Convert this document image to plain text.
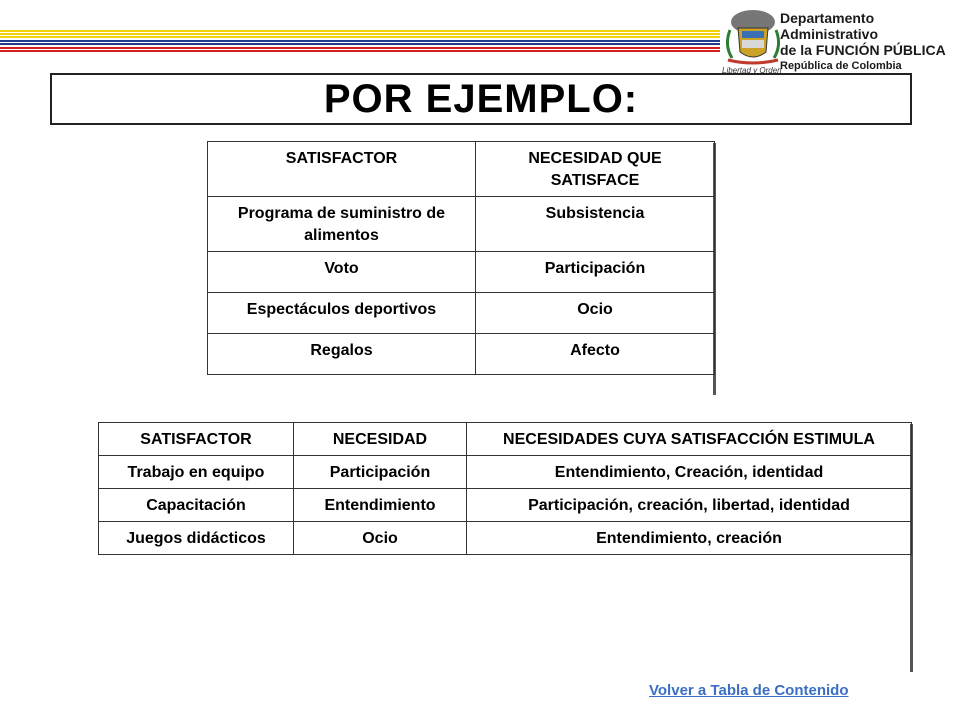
Departamento Administrativo
de la FUNCIÓN PÚBLICA
República de Colombia
Libertad y Orden
POR EJEMPLO:
SATISFACTOR	NECESIDAD QUE SATISFACE
Programa de suministro de alimentos	Subsistencia
Voto	Participación
Espectáculos deportivos	Ocio
Regalos	Afecto
SATISFACTOR	NECESIDAD	NECESIDADES CUYA SATISFACCIÓN ESTIMULA
Trabajo en equipo	Participación	Entendimiento, Creación, identidad
Capacitación	Entendimiento	Participación, creación, libertad, identidad
Juegos didácticos	Ocio	Entendimiento, creación
Volver a Tabla de Contenido
